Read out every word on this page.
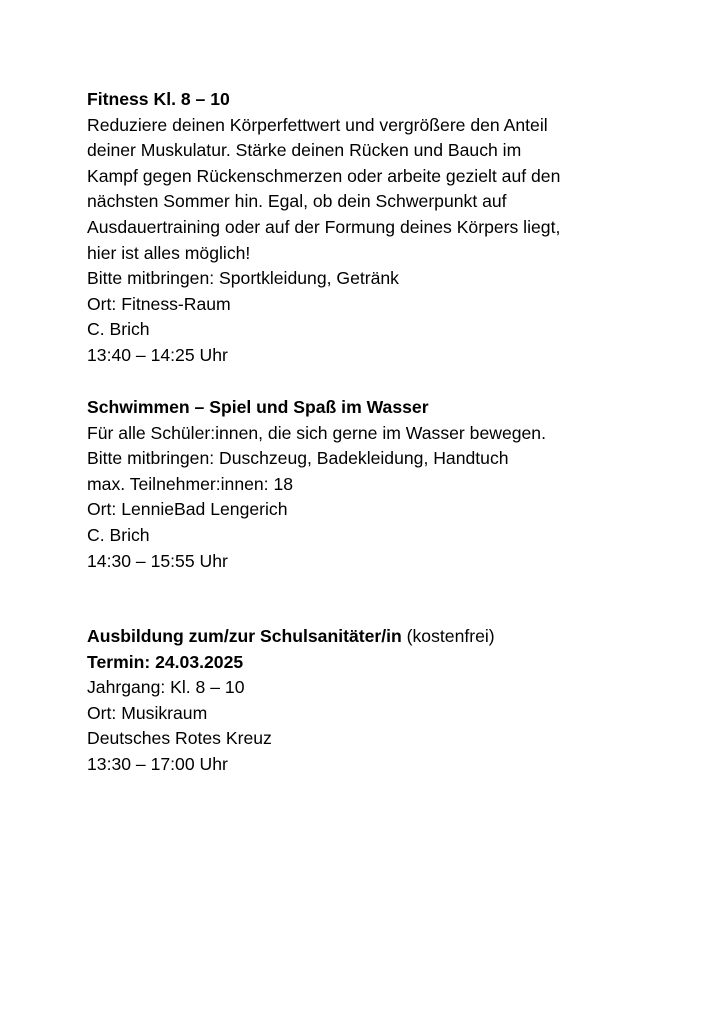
Fitness Kl. 8 – 10
Reduziere deinen Körperfettwert und vergrößere den Anteil
deiner Muskulatur. Stärke deinen Rücken und Bauch im
Kampf gegen Rückenschmerzen oder arbeite gezielt auf den
nächsten Sommer hin. Egal, ob dein Schwerpunkt auf
Ausdauertraining oder auf der Formung deines Körpers liegt,
hier ist alles möglich!
Bitte mitbringen: Sportkleidung, Getränk
Ort: Fitness-Raum
C. Brich
13:40 – 14:25 Uhr
Schwimmen – Spiel und Spaß im Wasser
Für alle Schüler:innen, die sich gerne im Wasser bewegen.
Bitte mitbringen: Duschzeug, Badekleidung, Handtuch
max. Teilnehmer:innen: 18
Ort: LennieBad Lengerich
C. Brich
14:30 – 15:55 Uhr
Ausbildung zum/zur Schulsanitäter/in (kostenfrei)
Termin: 24.03.2025
Jahrgang: Kl. 8 – 10
Ort: Musikraum
Deutsches Rotes Kreuz
13:30 – 17:00 Uhr
